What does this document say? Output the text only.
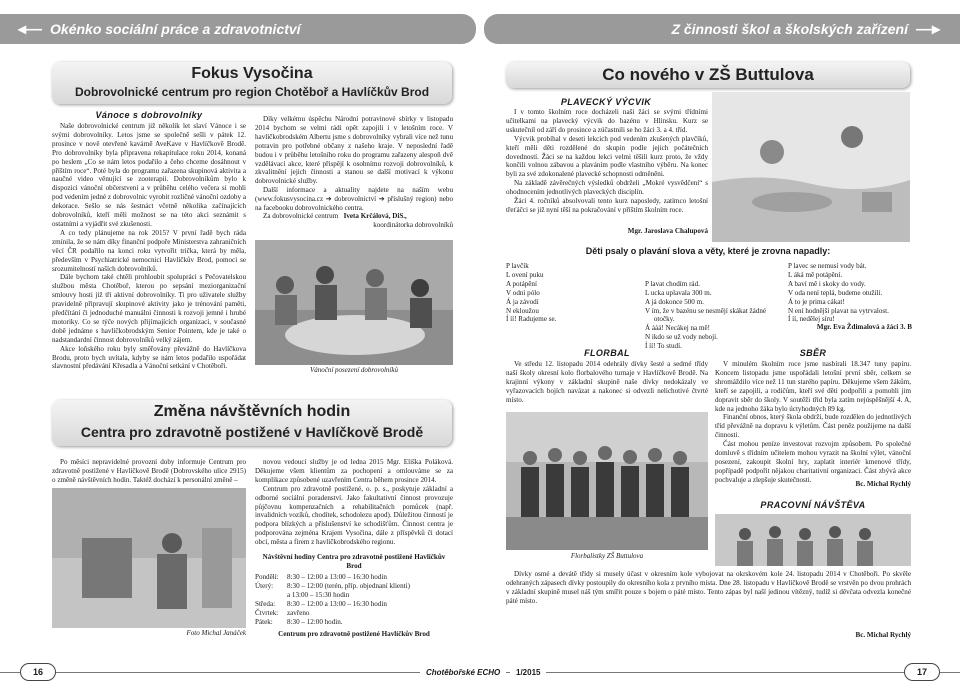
◂— Okénko sociální práce a zdravotnictví	Z činnosti škol a školských zařízení —▸
Fokus Vysočina
Dobrovolnické centrum pro region Chotěboř a Havlíčkův Brod
Vánoce s dobrovolníky

Naše dobrovolnické centrum již několik let slaví Vánoce i se svými dobrovolníky. Letos jsme se společně sešli v pátek 12. prosince v nově otevřené kavárně AveKave v Havlíčkově Brodě. Pro dobrovolníky byla připravena rekapitulace roku 2014, konaná po heslem „Co se nám letos podařilo a čeho chceme dosáhnout v příštím roce“. Poté byla do programu zařazena skupinová aktivita a naučné video věnující se zooterapii. Dobrovolníkům bylo k dispozici vánoční občerstvení a v průběhu celého večera si mohli pod vedením jedné z dobrovolnic vyrobit rozličné vánoční ozdoby a dekorace. Sešlo se nás šestnáct včetně několika začínajících dobrovolníků, kteří měli možnost se na této akci seznámit s ostatními a vyjádřit své zkušenosti.

A co tedy plánujeme na rok 2015? V první řadě bych ráda zmínila, že se nám díky finanční podpoře Ministerstva zahraničních věcí ČR podařilo na konci roku vytvořit trička, která by měla, především v Psychiatrické nemocnici Havlíčkův Brod, pomoci se srozumitelností naších dobrovolníků.

Dále bychom také chtěli prohloubit spolupráci s Pečovatelskou službou města Chotěboř, kterou po sepsání meziorganizační smlouvy hosti již tři aktivní dobrovolníky. Ti pro uživatele služby pravidelně připravují skupinové aktivity jako je trénování paměti, předčítání či jednoduché manuální činnosti k rozvoji jemné i hrubé motoriky. Co se týče nových přijímajících organizací, v současné době jednáme s havlíčkobrodským Senior Pointem, kde je také o nadstandardní činnost dobrovolníků velký zájem.

Akce loňského roku byly směřovány převážně do Havlíčkova Brodu, proto bych uvítala, kdyby se nám letos podařilo uspořádat slavnostní předávání Křesadla a Vánoční setkání v Chotěboři.

Díky velkému úspěchu Národní potravinové sbírky v listopadu 2014 bychom se velmi rádi opět zapojili i v letošním roce. V havlíčkobrodském Albertu jsme s dobrovolníky vybrali více než tunu potravin pro potřebné občany z našeho kraje. V neposlední řadě budou i v průběhu letošního roku do programu zařazeny alespoň dvě vzdělávací akce, které přispějí k osobnímu rozvoji dobrovolníků, k zkvalitnění jejich činnosti a stanou se další motivací k výkonu dobrovolnické služby.

Další informace a aktuality najdete na naším webu (www.fokusvysocina.cz ➔ dobrovolnictví ➔ příslušný region) nebo na facebooku dobrovolnického centra.

Za dobrovolnické centrum Iveta Krčálová, DiS.,
koordinátorka dobrovolníků
Vánoční posezení dobrovolníků
Změna návštěvních hodin
Centra pro zdravotně postižené v Havlíčkově Brodě

Po měsíci nepravidelné provozní doby informuje Centrum pro zdravotně postižené v Havlíčkově Brodě (Dobrovského ulice 2915) o změně návštěvních hodin. Taktéž dochází k personální změně –

Foto Michal Janáček

novou vedoucí služby je od ledna 2015 Mgr. Eliška Poláková. Děkujeme všem klientům za pochopení a omlouváme se za komplikace způsobené uzavřením Centra během prosince 2014.

Centrum pro zdravotně postižené, o. p. s., poskytuje základní a odborné sociální poradenství. Jako fakultativní činnost provozuje půjčovnu kompenzačních a rehabilitačních pomůcek (např. invalidních vozíků, chodítek, schodolezu apod). Důležitou činností je podpora blízkých a příslušenství ke schodišťům. Činnost centra je podporována zejména Krajem Vysočina, dále z příspěvků či dotací obcí, města a firem z havlíčkobrodského regionu.

Návštěvní hodiny Centra pro zdravotně postižené Havlíčkův Brod
Pondělí:	8:30 – 12:00 a 13:00 – 16:30 hodin
Úterý:	8:30 – 12:00 (terén, příp. objednaní klienti)
a 13:00 – 15:30 hodin
Středa:	8:30 – 12:00 a 13:00 – 16:30 hodin
Čtvrtek:	zavřeno
Pátek:	8:30 – 12:00 hodin.
Centrum pro zdravotně postižené Havlíčkův Brod
Co nového v ZŠ Buttulova
PLAVECKÝ VÝCVIK

I v tomto školním roce docházeli naši žáci se svými třídními učitelkami na plavecký výcvik do bazénu v Hlinsku. Kurz se uskutečnil od září do prosince a zúčastnili se ho žáci 3. a 4. tříd.

Výcvik probíhal v deseti lekcích pod vedením zkušených plavčíků, kteří měli děti rozdělené do skupin podle jejich počátečních dovedností. Žáci se na každou lekci velmi těšili kurz proto, že vždy končili volnou zábavou a plaváním podle vlastního výběru. Na konec byli za své zdokonalené plavecké schopnosti odměněni.

Na základě závěrečných výsledků obdrželi „Mokré vysvědčení“ s ohodnocením jednotlivých plaveckých disciplín.

Žáci 4. ročníků absolvovali tento kurz naposledy, zatímco letošní třeťáčci se již nyní těší na pokračování v příštím školním roce.

Mgr. Jaroslava Chalupová
Děti psaly o plavání slova a věty, které je zrovna napadly:
P lavčík
L ovení puku
A potápění
V odní pólo
Á ja závodí
N ekloužou
Í íí! Radujeme se.

P lavat chodím rád.
L ucka uplavala 300 m.
A já dokonce 500 m.
V ím, že v bazénu se nesmějí skákat žádné
otočky.
Á ááá! Necákej na mě!
N ikdo se už vody nebojí.
Í íí! To studí.

P lavec se nemusí vody bát.
L áká mě potápění.
A baví mě i skoky do vody.
V oda není teplá, budeme otužilí.
Á to je prima cákat!
N ení hodnější plavat na vytrvalost.
Í íí, nedělej síru!
Mgr. Eva Ždimalová a žáci 3. B
FLORBAL

Ve středu 12. listopadu 2014 odehrály dívky šesté a sedmé třídy naší školy okresní kolo florbalového turnaje v Havlíčkově Brodě. Na krajinní výkony v základní skupině naše dívky nedokázaly ve vyřazovacích bojích navázat a nakonec si odvezli nelichotivé čtvrté místo.

Florbalistky ZŠ Buttulova
SBĚR

V minulém školním roce jsme nasbírali 18.347 tuny papíru. Koncem listopadu jsme uspořádali letošní první sběr, celkem se shromáždilo více než 11 tun starého papíru. Děkujeme všem žákům, kteří se zapojili, a rodičům, kteří své děti podpořili a pomohli jim dopravit sběr do školy. V soutěži tříd byla zatím nejúspěšnější 4. A, kde na jednoho žáka bylo úctyhodných 89 kg.

Finanční obnos, který škola obdrží, bude rozdělen do jednotlivých tříd převážně na dopravu k výletům. Část peněz použijeme na další činnosti.

Část mohou peníze investovat rozvojm způsobem. Po společné domluvě s třídním učitelem mohou vyrazit na školní výlet, vánoční posezení, zakoupit školní hry, zaplatit interiér kmenové třídy, popřípadě podpořit nějakou charitativní organizaci. Část zbývá akce pochvaluje a zlepšuje skutečnosti.

Bc. Michal Rychlý
PRACOVNÍ NÁVŠTĚVA

Dívky osmé a devátě třídy si musely účast v okresním kole vybojovat na okrskovém kole 24. listopadu 2014 v Chotěboři. Po skvěle odehraných zápasech dívky postoupily do okresního kola z prvního místa. Dne 28. listopadu v Havlíčkově Brodě se vrstvěn po dvou prohrách v základní skupině musel náš tým smířit pouze s bojem o páté místo. Tento zápas byl naší jedinou vítězný, tudíž si děvčata odvezla konečné páté místo.

Bc. Michal Rychlý
16	17
Chotěbořské ECHO	1/2015
